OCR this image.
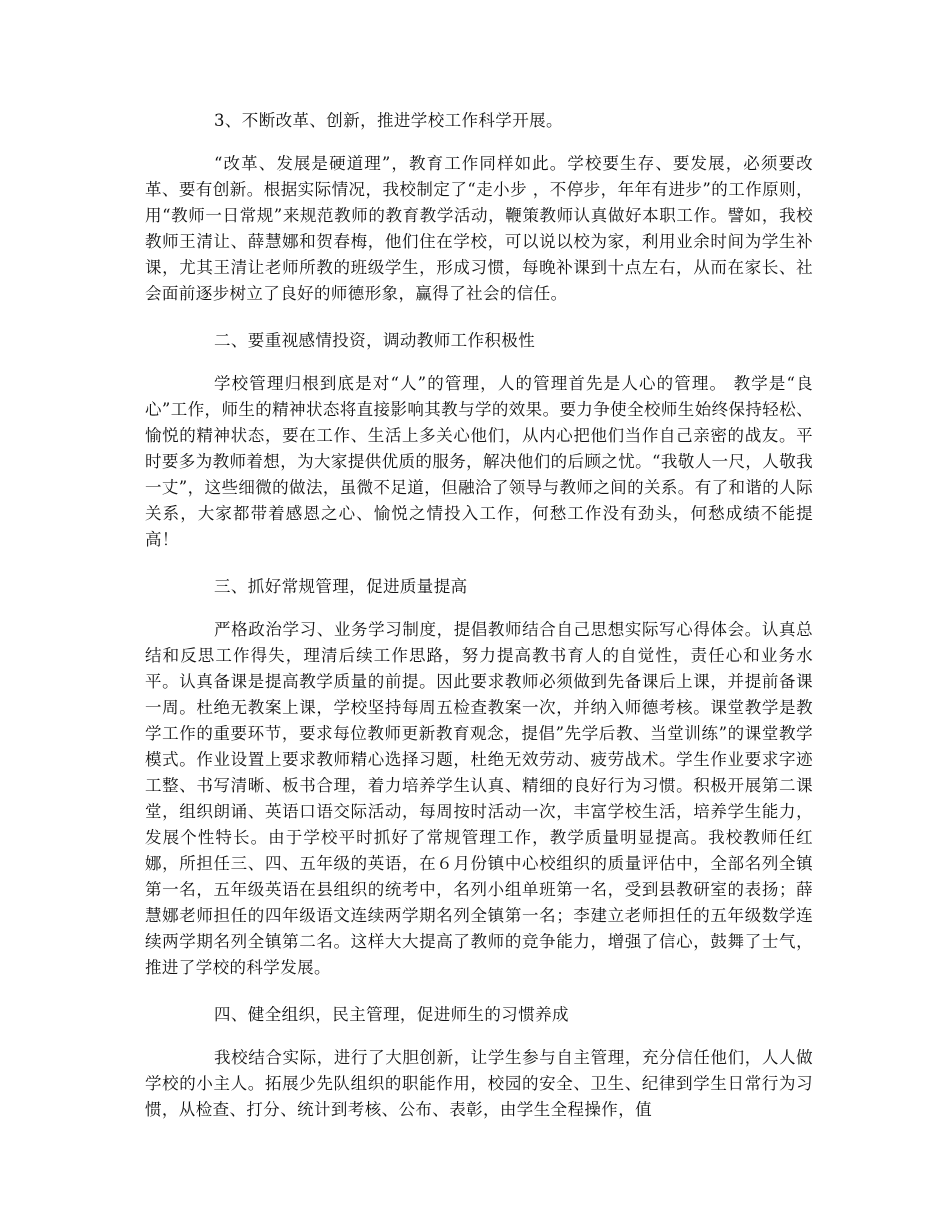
3、不断改革、创新，推进学校工作科学开展。

“改革、发展是硬道理”，教育工作同样如此。学校要生存、要发展，必须要改革、要有创新。根据实际情况，我校制定了“走小步 ，不停步，年年有进步”的工作原则，用“教师一日常规”来规范教师的教育教学活动，鞭策教师认真做好本职工作。譬如，我校教师王清让、薛慧娜和贺春梅，他们住在学校，可以说以校为家，利用业余时间为学生补课，尤其王清让老师所教的班级学生，形成习惯，每晚补课到十点左右，从而在家长、社会面前逐步树立了良好的师德形象，赢得了社会的信任。

二、要重视感情投资，调动教师工作积极性

学校管理归根到底是对“人”的管理，人的管理首先是人心的管理。 教学是“良心”工作，师生的精神状态将直接影响其教与学的效果。要力争使全校师生始终保持轻松、愉悦的精神状态，要在工作、生活上多关心他们，从内心把他们当作自己亲密的战友。平时要多为教师着想，为大家提供优质的服务，解决他们的后顾之忧。“我敬人一尺，人敬我一丈”，这些细微的做法，虽微不足道，但融洽了领导与教师之间的关系。有了和谐的人际关系，大家都带着感恩之心、愉悦之情投入工作，何愁工作没有劲头，何愁成绩不能提高！

三、抓好常规管理，促进质量提高

严格政治学习、业务学习制度，提倡教师结合自己思想实际写心得体会。认真总结和反思工作得失，理清后续工作思路，努力提高教书育人的自觉性，责任心和业务水平。认真备课是提高教学质量的前提。因此要求教师必须做到先备课后上课，并提前备课一周。杜绝无教案上课，学校坚持每周五检查教案一次，并纳入师德考核。课堂教学是教学工作的重要环节，要求每位教师更新教育观念，提倡”先学后教、当堂训练”的课堂教学模式。作业设置上要求教师精心选择习题，杜绝无效劳动、疲劳战术。学生作业要求字迹工整、书写清晰、板书合理，着力培养学生认真、精细的良好行为习惯。积极开展第二课堂，组织朗诵、英语口语交际活动，每周按时活动一次，丰富学校生活，培养学生能力，发展个性特长。由于学校平时抓好了常规管理工作，教学质量明显提高。我校教师任红娜，所担任三、四、五年级的英语，在６月份镇中心校组织的质量评估中，全部名列全镇第一名，五年级英语在县组织的统考中，名列小组单班第一名，受到县教研室的表扬；薛慧娜老师担任的四年级语文连续两学期名列全镇第一名；李建立老师担任的五年级数学连续两学期名列全镇第二名。这样大大提高了教师的竞争能力，增强了信心，鼓舞了士气，推进了学校的科学发展。

四、健全组织，民主管理，促进师生的习惯养成

我校结合实际，进行了大胆创新，让学生参与自主管理，充分信任他们，人人做学校的小主人。拓展少先队组织的职能作用，校园的安全、卫生、纪律到学生日常行为习惯，从检查、打分、统计到考核、公布、表彰，由学生全程操作，值
